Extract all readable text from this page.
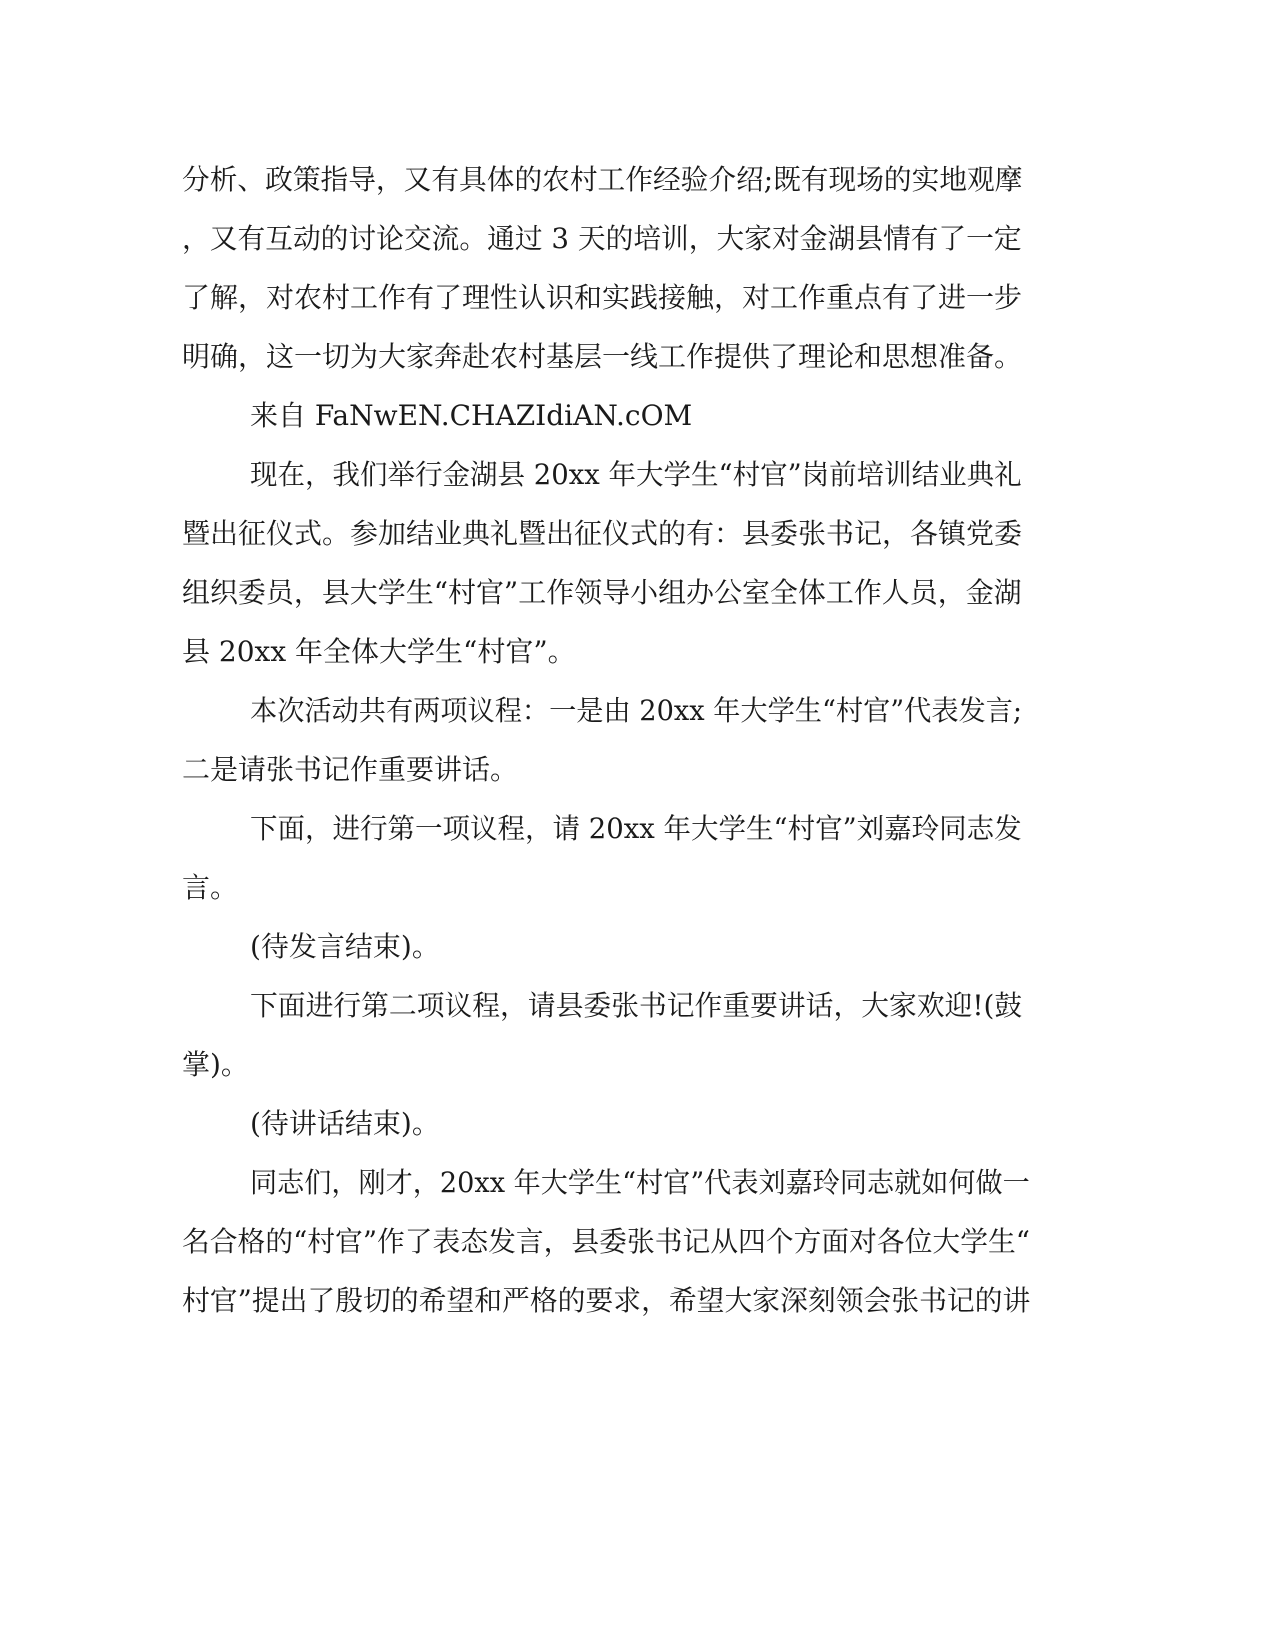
分析、政策指导，又有具体的农村工作经验介绍;既有现场的实地观摩
，又有互动的讨论交流。通过 3 天的培训，大家对金湖县情有了一定
了解，对农村工作有了理性认识和实践接触，对工作重点有了进一步
明确，这一切为大家奔赴农村基层一线工作提供了理论和思想准备。
来自 FaNwEN.CHAZIdiAN.cOM
现在，我们举行金湖县 20xx 年大学生“村官”岗前培训结业典礼
暨出征仪式。参加结业典礼暨出征仪式的有：县委张书记，各镇党委
组织委员，县大学生“村官”工作领导小组办公室全体工作人员，金湖
县 20xx 年全体大学生“村官”。
本次活动共有两项议程：一是由 20xx 年大学生“村官”代表发言;
二是请张书记作重要讲话。
下面，进行第一项议程，请 20xx 年大学生“村官”刘嘉玲同志发
言。
(待发言结束)。
下面进行第二项议程，请县委张书记作重要讲话，大家欢迎!(鼓
掌)。
(待讲话结束)。
同志们，刚才，20xx 年大学生“村官”代表刘嘉玲同志就如何做一
名合格的“村官”作了表态发言，县委张书记从四个方面对各位大学生“
村官”提出了殷切的希望和严格的要求，希望大家深刻领会张书记的讲
